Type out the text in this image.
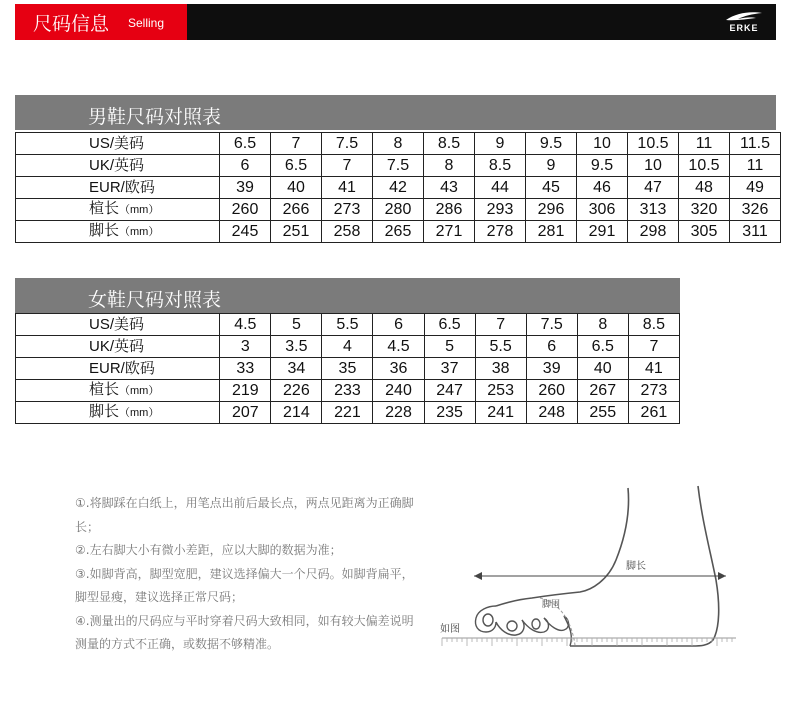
尺码信息 Selling	ERKE
男鞋尺码对照表
US/美码	6.5	7	7.5	8	8.5	9	9.5	10	10.5	11	11.5
UK/英码	6	6.5	7	7.5	8	8.5	9	9.5	10	10.5	11
EUR/欧码	39	40	41	42	43	44	45	46	47	48	49
楦长（mm）	260	266	273	280	286	293	296	306	313	320	326
脚长（mm）	245	251	258	265	271	278	281	291	298	305	311
女鞋尺码对照表
US/美码	4.5	5	5.5	6	6.5	7	7.5	8	8.5
UK/英码	3	3.5	4	4.5	5	5.5	6	6.5	7
EUR/欧码	33	34	35	36	37	38	39	40	41
楦长（mm）	219	226	233	240	247	253	260	267	273
脚长（mm）	207	214	221	228	235	241	248	255	261

①.将脚踩在白纸上，用笔点出前后最长点，两点见距离为正确脚长；

②.左右脚大小有微小差距，应以大脚的数据为准；

③.如脚背高，脚型宽肥，建议选择偏大一个尺码。如脚背扁平，脚型显瘦，建议选择正常尺码；

④.测量出的尺码应与平时穿着尺码大致相同，如有较大偏差说明测量的方式不正确，或数据不够精准。

脚长
脚围
如图
